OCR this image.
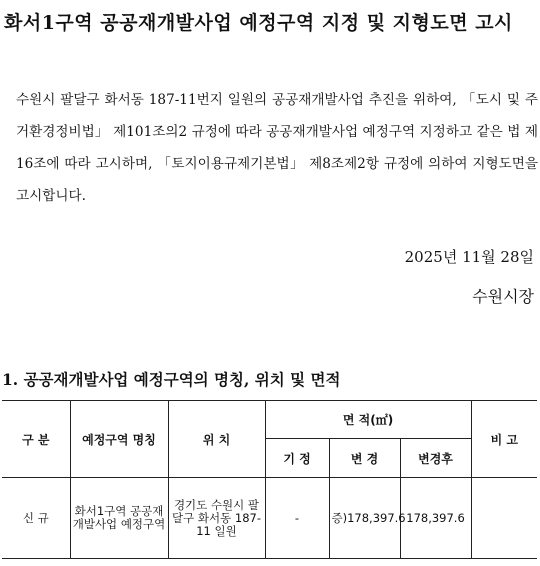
화서1구역 공공재개발사업 예정구역 지정 및 지형도면 고시

수원시 팔달구 화서동 187-11번지 일원의 공공재개발사업 추진을 위하여, 「도시 및 주거환경정비법」 제101조의2 규정에 따라 공공재개발사업 예정구역 지정하고 같은 법 제16조에 따라 고시하며, 「토지이용규제기본법」 제8조제2항 규정에 의하여 지형도면을 고시합니다.

2025년 11월 28일
수원시장
1. 공공재개발사업 예정구역의 명칭, 위치 및 면적
구 분	예정구역 명칭	위 치	면 적(㎡)			비 고
			기 정	변 경	변경후	
신 규	화서1구역 공공재개발사업 예정구역	경기도 수원시 팔달구 화서동 187-11 일원	-	증)178,397.6	178,397.6	
